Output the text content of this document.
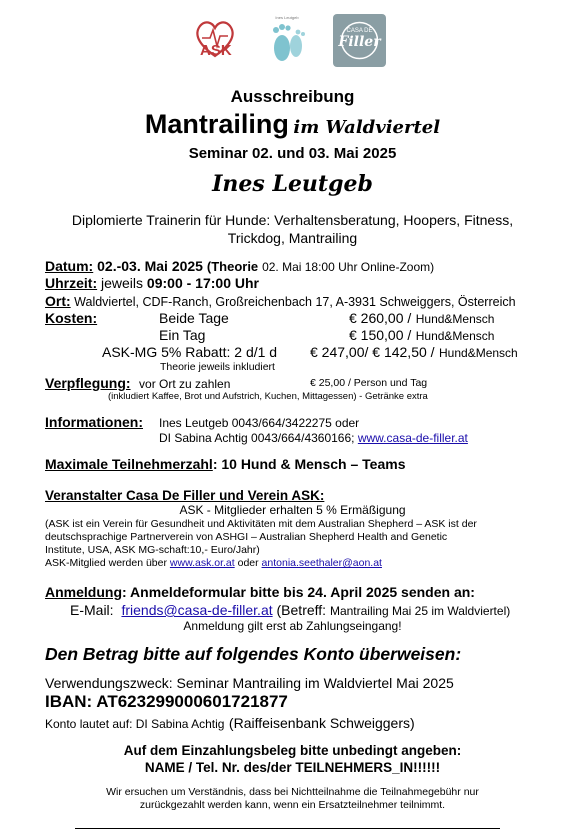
ASK
Ines Leutgeb
CASA DE
Filler
Ausschreibung
Mantrailing im Waldviertel
Seminar 02. und 03. Mai 2025
Ines Leutgeb
Diplomierte Trainerin für Hunde: Verhaltensberatung, Hoopers, Fitness,
Trickdog, Mantrailing
Datum: 02.-03. Mai 2025 (Theorie 02. Mai 18:00 Uhr Online-Zoom)
Uhrzeit: jeweils 09:00 - 17:00 Uhr
Ort: Waldviertel, CDF-Ranch, Großreichenbach 17, A-3931 Schweiggers, Österreich
Kosten:	Beide Tage	€ 260,00 / Hund&Mensch
Ein Tag	€ 150,00 / Hund&Mensch
ASK-MG 5% Rabatt: 2 d/1 d € 247,00/ € 142,50 / Hund&Mensch
Theorie jeweils inkludiert
Verpflegung: vor Ort zu zahlen	€ 25,00 / Person und Tag
(inkludiert Kaffee, Brot und Aufstrich, Kuchen, Mittagessen) - Getränke extra
Informationen: Ines Leutgeb 0043/664/3422275 oder
DI Sabina Achtig 0043/664/4360166; www.casa-de-filler.at
Maximale Teilnehmerzahl: 10 Hund & Mensch – Teams
Veranstalter Casa De Filler und Verein ASK:
ASK - Mitglieder erhalten 5 % Ermäßigung
(ASK ist ein Verein für Gesundheit und Aktivitäten mit dem Australian Shepherd – ASK ist der
deutschsprachige Partnerverein von ASHGI – Australian Shepherd Health and Genetic
Institute, USA, ASK MG-schaft:10,- Euro/Jahr)
ASK-Mitglied werden über www.ask.or.at oder antonia.seethaler@aon.at
Anmeldung: Anmeldeformular bitte bis 24. April 2025 senden an:
E-Mail: friends@casa-de-filler.at (Betreff: Mantrailing Mai 25 im Waldviertel)
Anmeldung gilt erst ab Zahlungseingang!
Den Betrag bitte auf folgendes Konto überweisen:
Verwendungszweck: Seminar Mantrailing im Waldviertel Mai 2025
IBAN: AT623299000601721877
Konto lautet auf: DI Sabina Achtig (Raiffeisenbank Schweiggers)
Auf dem Einzahlungsbeleg bitte unbedingt angeben:
NAME / Tel. Nr. des/der TEILNEHMERS_IN!!!!!!
Wir ersuchen um Verständnis, dass bei Nichtteilnahme die Teilnahmegebühr nur
zurückgezahlt werden kann, wenn ein Ersatzteilnehmer teilnimmt.
